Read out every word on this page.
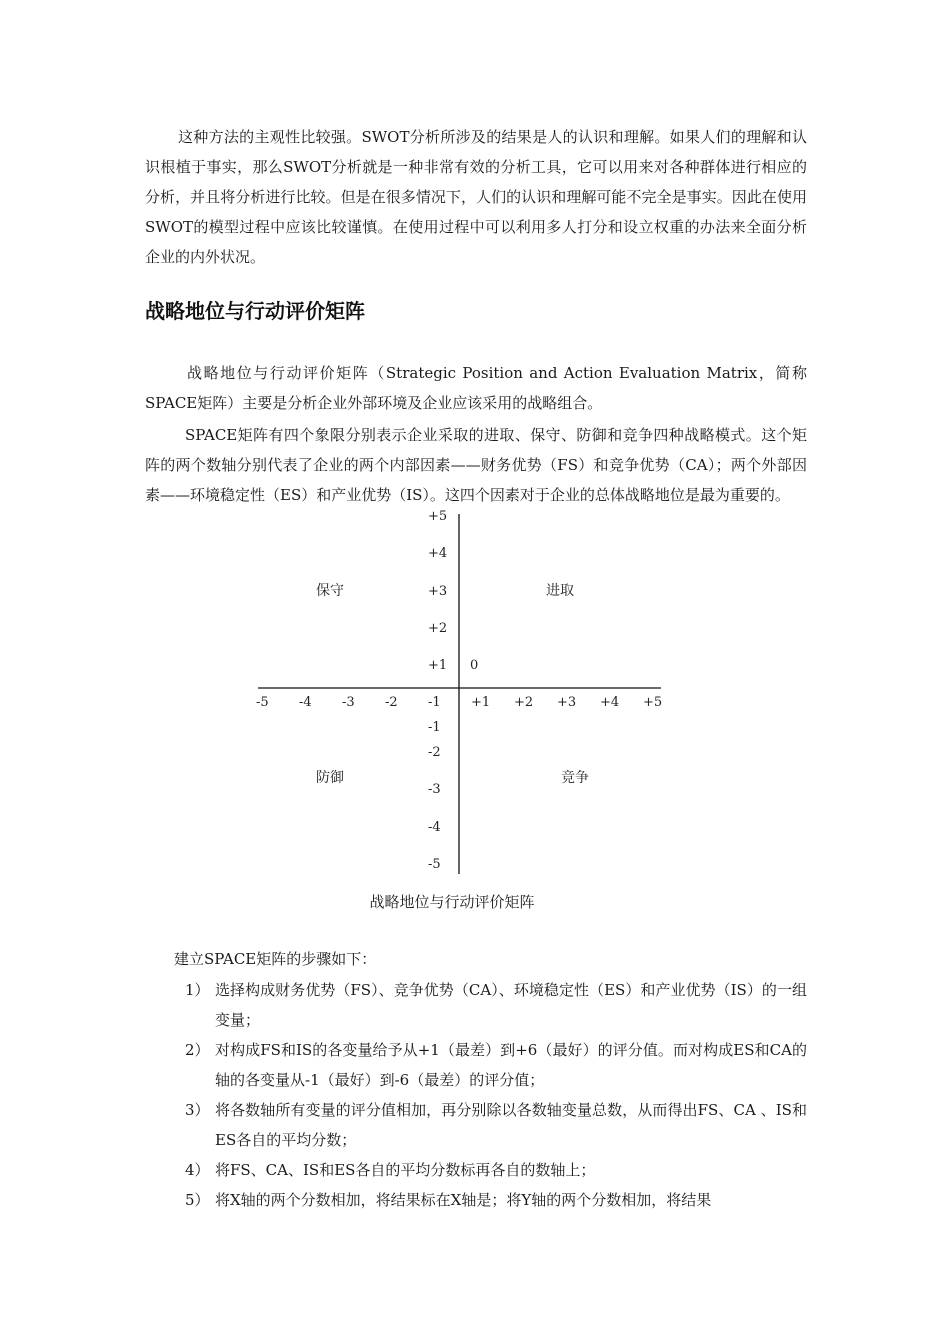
这种方法的主观性比较强。SWOT分析所涉及的结果是人的认识和理解。如果人们的理解和认识根植于事实，那么SWOT分析就是一种非常有效的分析工具，它可以用来对各种群体进行相应的分析，并且将分析进行比较。但是在很多情况下，人们的认识和理解可能不完全是事实。因此在使用SWOT的模型过程中应该比较谨慎。在使用过程中可以利用多人打分和设立权重的办法来全面分析企业的内外状况。

战略地位与行动评价矩阵

战略地位与行动评价矩阵（Strategic Position and Action Evaluation Matrix，简称SPACE矩阵）主要是分析企业外部环境及企业应该采用的战略组合。

SPACE矩阵有四个象限分别表示企业采取的进取、保守、防御和竞争四种战略模式。这个矩阵的两个数轴分别代表了企业的两个内部因素——财务优势（FS）和竞争优势（CA）；两个外部因素——环境稳定性（ES）和产业优势（IS）。这四个因素对于企业的总体战略地位是最为重要的。

保守	进取
防御	竞争
0
+5
+4
+3
+2
+1
-1
-2
-3
-4
-5
-5 -4 -3 -2 -1 +1 +2 +3 +4 +5

战略地位与行动评价矩阵

建立SPACE矩阵的步骤如下：

1） 选择构成财务优势（FS）、竞争优势（CA）、环境稳定性（ES）和产业优势（IS）的一组变量；
2） 对构成FS和IS的各变量给予从+1（最差）到+6（最好）的评分值。而对构成ES和CA的轴的各变量从-1（最好）到-6（最差）的评分值；
3） 将各数轴所有变量的评分值相加，再分别除以各数轴变量总数，从而得出FS、CA 、IS和ES各自的平均分数；
4） 将FS、CA、IS和ES各自的平均分数标再各自的数轴上；
5） 将X轴的两个分数相加，将结果标在X轴是；将Y轴的两个分数相加，将结果
